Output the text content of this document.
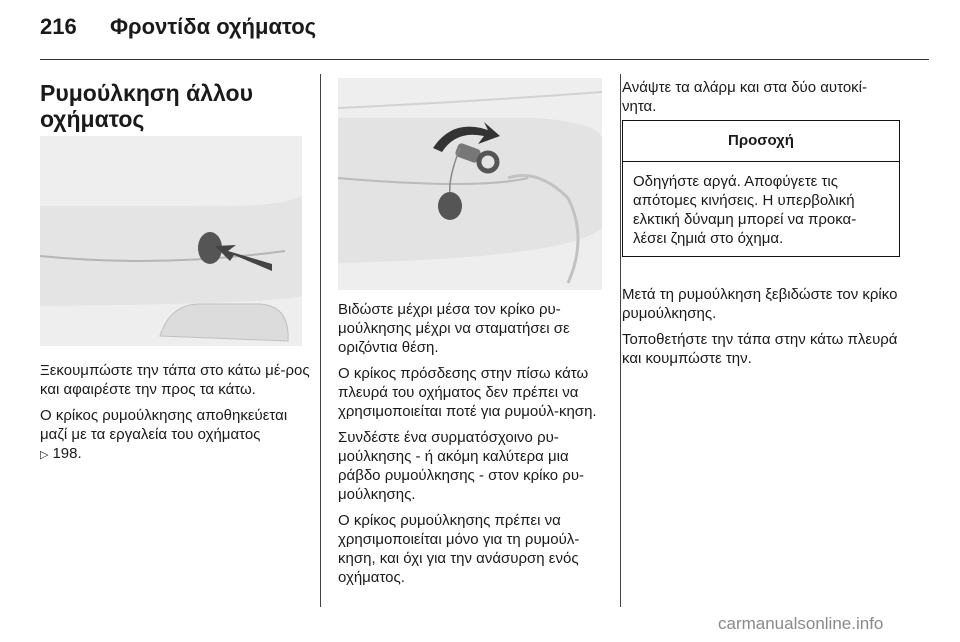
216 Φροντίδα οχήματος
Ρυμούλκηση άλλου
οχήματος

Ξεκουμπώστε την τάπα στο κάτω μέ-ρος και αφαιρέστε την προς τα κάτω.

Ο κρίκος ρυμούλκησης αποθηκεύεται μαζί με τα εργαλεία του οχήματος
▷ 198.

Βιδώστε μέχρι μέσα τον κρίκο ρυ-μούλκησης μέχρι να σταματήσει σε οριζόντια θέση.

Ο κρίκος πρόσδεσης στην πίσω κάτω πλευρά του οχήματος δεν πρέπει να χρησιμοποιείται ποτέ για ρυμούλ-κηση.

Συνδέστε ένα συρματόσχοινο ρυ-μούλκησης - ή ακόμη καλύτερα μια ράβδο ρυμούλκησης - στον κρίκο ρυ-μούλκησης.

Ο κρίκος ρυμούλκησης πρέπει να χρησιμοποιείται μόνο για τη ρυμούλ-κηση, και όχι για την ανάσυρση ενός οχήματος.

Ανάψτε τα αλάρμ και στα δύο αυτοκί-νητα.

Προσοχή
Οδηγήστε αργά. Αποφύγετε τις απότομες κινήσεις. Η υπερβολική ελκτική δύναμη μπορεί να προκα-λέσει ζημιά στο όχημα.

Μετά τη ρυμούλκηση ξεβιδώστε τον κρίκο ρυμούλκησης.

Τοποθετήστε την τάπα στην κάτω πλευρά και κουμπώστε την.

carmanualsonline.info
